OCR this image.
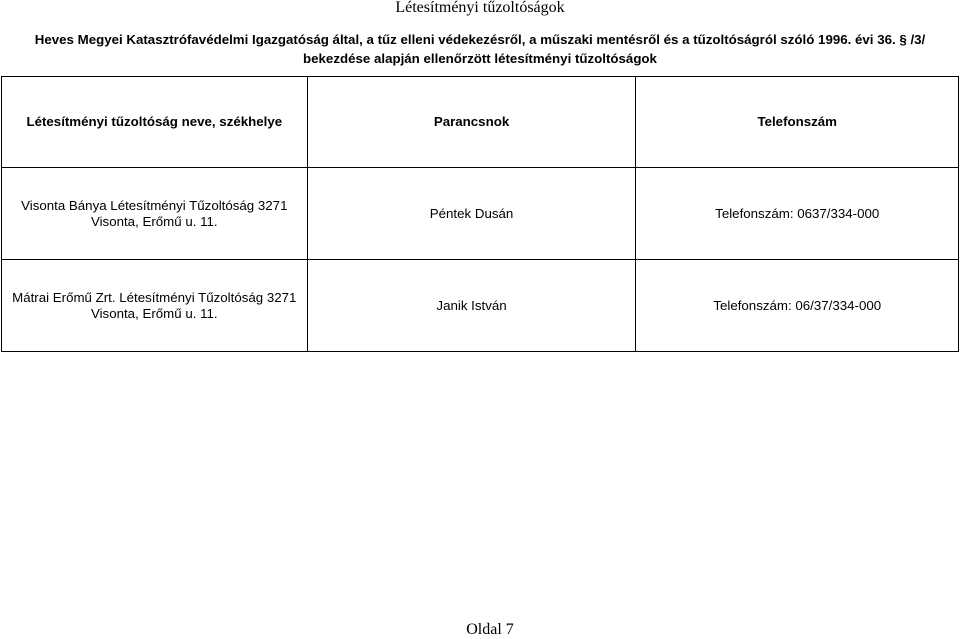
Létesítményi tűzoltóságok
Heves Megyei Katasztrófavédelmi Igazgatóság által, a tűz elleni védekezésről, a műszaki mentésről és a tűzoltóságról szóló 1996. évi 36. § /3/
bekezdése alapján ellenőrzött létesítményi tűzoltóságok
Létesítményi tűzoltóság neve, székhelye	Parancsnok	Telefonszám

Visonta Bánya Létesítményi Tűzoltóság 3271
Visonta, Erőmű u. 11.	Péntek Dusán	Telefonszám: 0637/334-000

Mátrai Erőmű Zrt. Létesítményi Tűzoltóság 3271
Visonta, Erőmű u. 11.	Janik István	Telefonszám: 06/37/334-000
Oldal 7
